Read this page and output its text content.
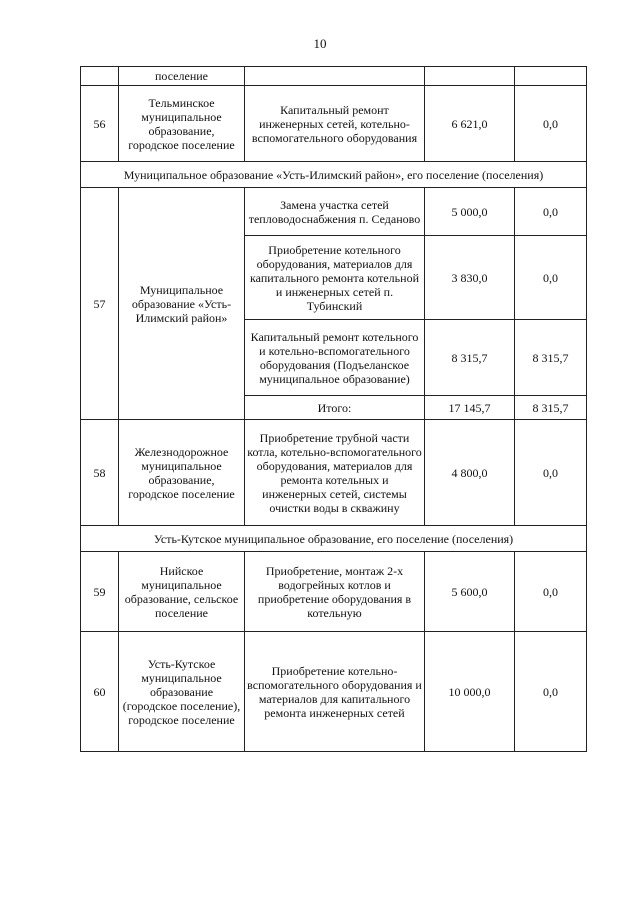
10
	поселение			
56	Тельминское муниципальное образование, городское поселение	Капитальный ремонт инженерных сетей, котельно-вспомогательного оборудования	6 621,0	0,0
Муниципальное образование «Усть-Илимский район», его поселение (поселения)				
57	Муниципальное образование «Усть-Илимский район»	Замена участка сетей тепловодоснабжения п. Седаново	5 000,0	0,0
		Приобретение котельного оборудования, материалов для капитального ремонта котельной и инженерных сетей п. Тубинский	3 830,0	0,0
		Капитальный ремонт котельного и котельно-вспомогательного оборудования (Подъеланское муниципальное образование)	8 315,7	8 315,7
		Итого:	17 145,7	8 315,7
58	Железнодорожное муниципальное образование, городское поселение	Приобретение трубной части котла, котельно-вспомогательного оборудования, материалов для ремонта котельных и инженерных сетей, системы очистки воды в скважину	4 800,0	0,0
Усть-Кутское муниципальное образование, его поселение (поселения)				
59	Нийское муниципальное образование, сельское поселение	Приобретение, монтаж 2-х водогрейных котлов и приобретение оборудования в котельную	5 600,0	0,0
60	Усть-Кутское муниципальное образование (городское поселение), городское поселение	Приобретение котельно-вспомогательного оборудования и материалов для капитального ремонта инженерных сетей	10 000,0	0,0
